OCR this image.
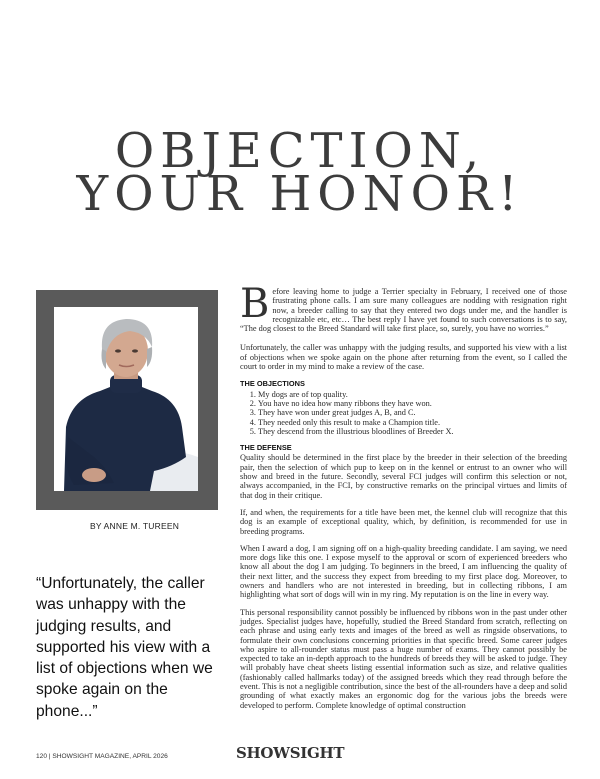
OBJECTION,
YOUR HONOR!
BY ANNE M. TUREEN

“Unfortunately, the caller was unhappy with the judging results, and supported his view with a list of objections when we spoke again on the phone...”

Before leaving home to judge a Terrier specialty in February, I received one of those frustrating phone calls. I am sure many colleagues are nodding with resignation right now, a breeder calling to say that they entered two dogs under me, and the handler is recognizable etc, etc… The best reply I have yet found to such conversations is to say, “The dog closest to the Breed Standard will take first place, so, surely, you have no worries.”

Unfortunately, the caller was unhappy with the judging results, and supported his view with a list of objections when we spoke again on the phone after returning from the event, so I called the court to order in my mind to make a review of the case.

THE OBJECTIONS
1. My dogs are of top quality.
2. You have no idea how many ribbons they have won.
3. They have won under great judges A, B, and C.
4. They needed only this result to make a Champion title.
5. They descend from the illustrious bloodlines of Breeder X.
THE DEFENSE

Quality should be determined in the first place by the breeder in their selection of the breeding pair, then the selection of which pup to keep on in the kennel or entrust to an owner who will show and breed in the future. Secondly, several FCI judges will confirm this selection or not, always accompanied, in the FCI, by constructive remarks on the principal virtues and limits of that dog in their critique.

If, and when, the requirements for a title have been met, the kennel club will recognize that this dog is an example of exceptional quality, which, by definition, is recommended for use in breeding programs.

When I award a dog, I am signing off on a high-quality breeding candidate. I am saying, we need more dogs like this one. I expose myself to the approval or scorn of experienced breeders who know all about the dog I am judging. To beginners in the breed, I am influencing the quality of their next litter, and the success they expect from breeding to my first place dog. Moreover, to owners and handlers who are not interested in breeding, but in collecting ribbons, I am highlighting what sort of dogs will win in my ring. My reputation is on the line in every way.

This personal responsibility cannot possibly be influenced by ribbons won in the past under other judges. Specialist judges have, hopefully, studied the Breed Standard from scratch, reflecting on each phrase and using early texts and images of the breed as well as ringside observations, to formulate their own conclusions concerning priorities in that specific breed. Some career judges who aspire to all-rounder status must pass a huge number of exams. They cannot possibly be expected to take an in-depth approach to the hundreds of breeds they will be asked to judge. They will probably have cheat sheets listing essential information such as size, and relative qualities (fashionably called hallmarks today) of the assigned breeds which they read through before the event. This is not a negligible contribution, since the best of the all-rounders have a deep and solid grounding of what exactly makes an ergonomic dog for the various jobs the breeds were developed to perform. Complete knowledge of optimal construction

120 | SHOWSIGHT MAGAZINE, APRIL 2026	SHOWSIGHT
